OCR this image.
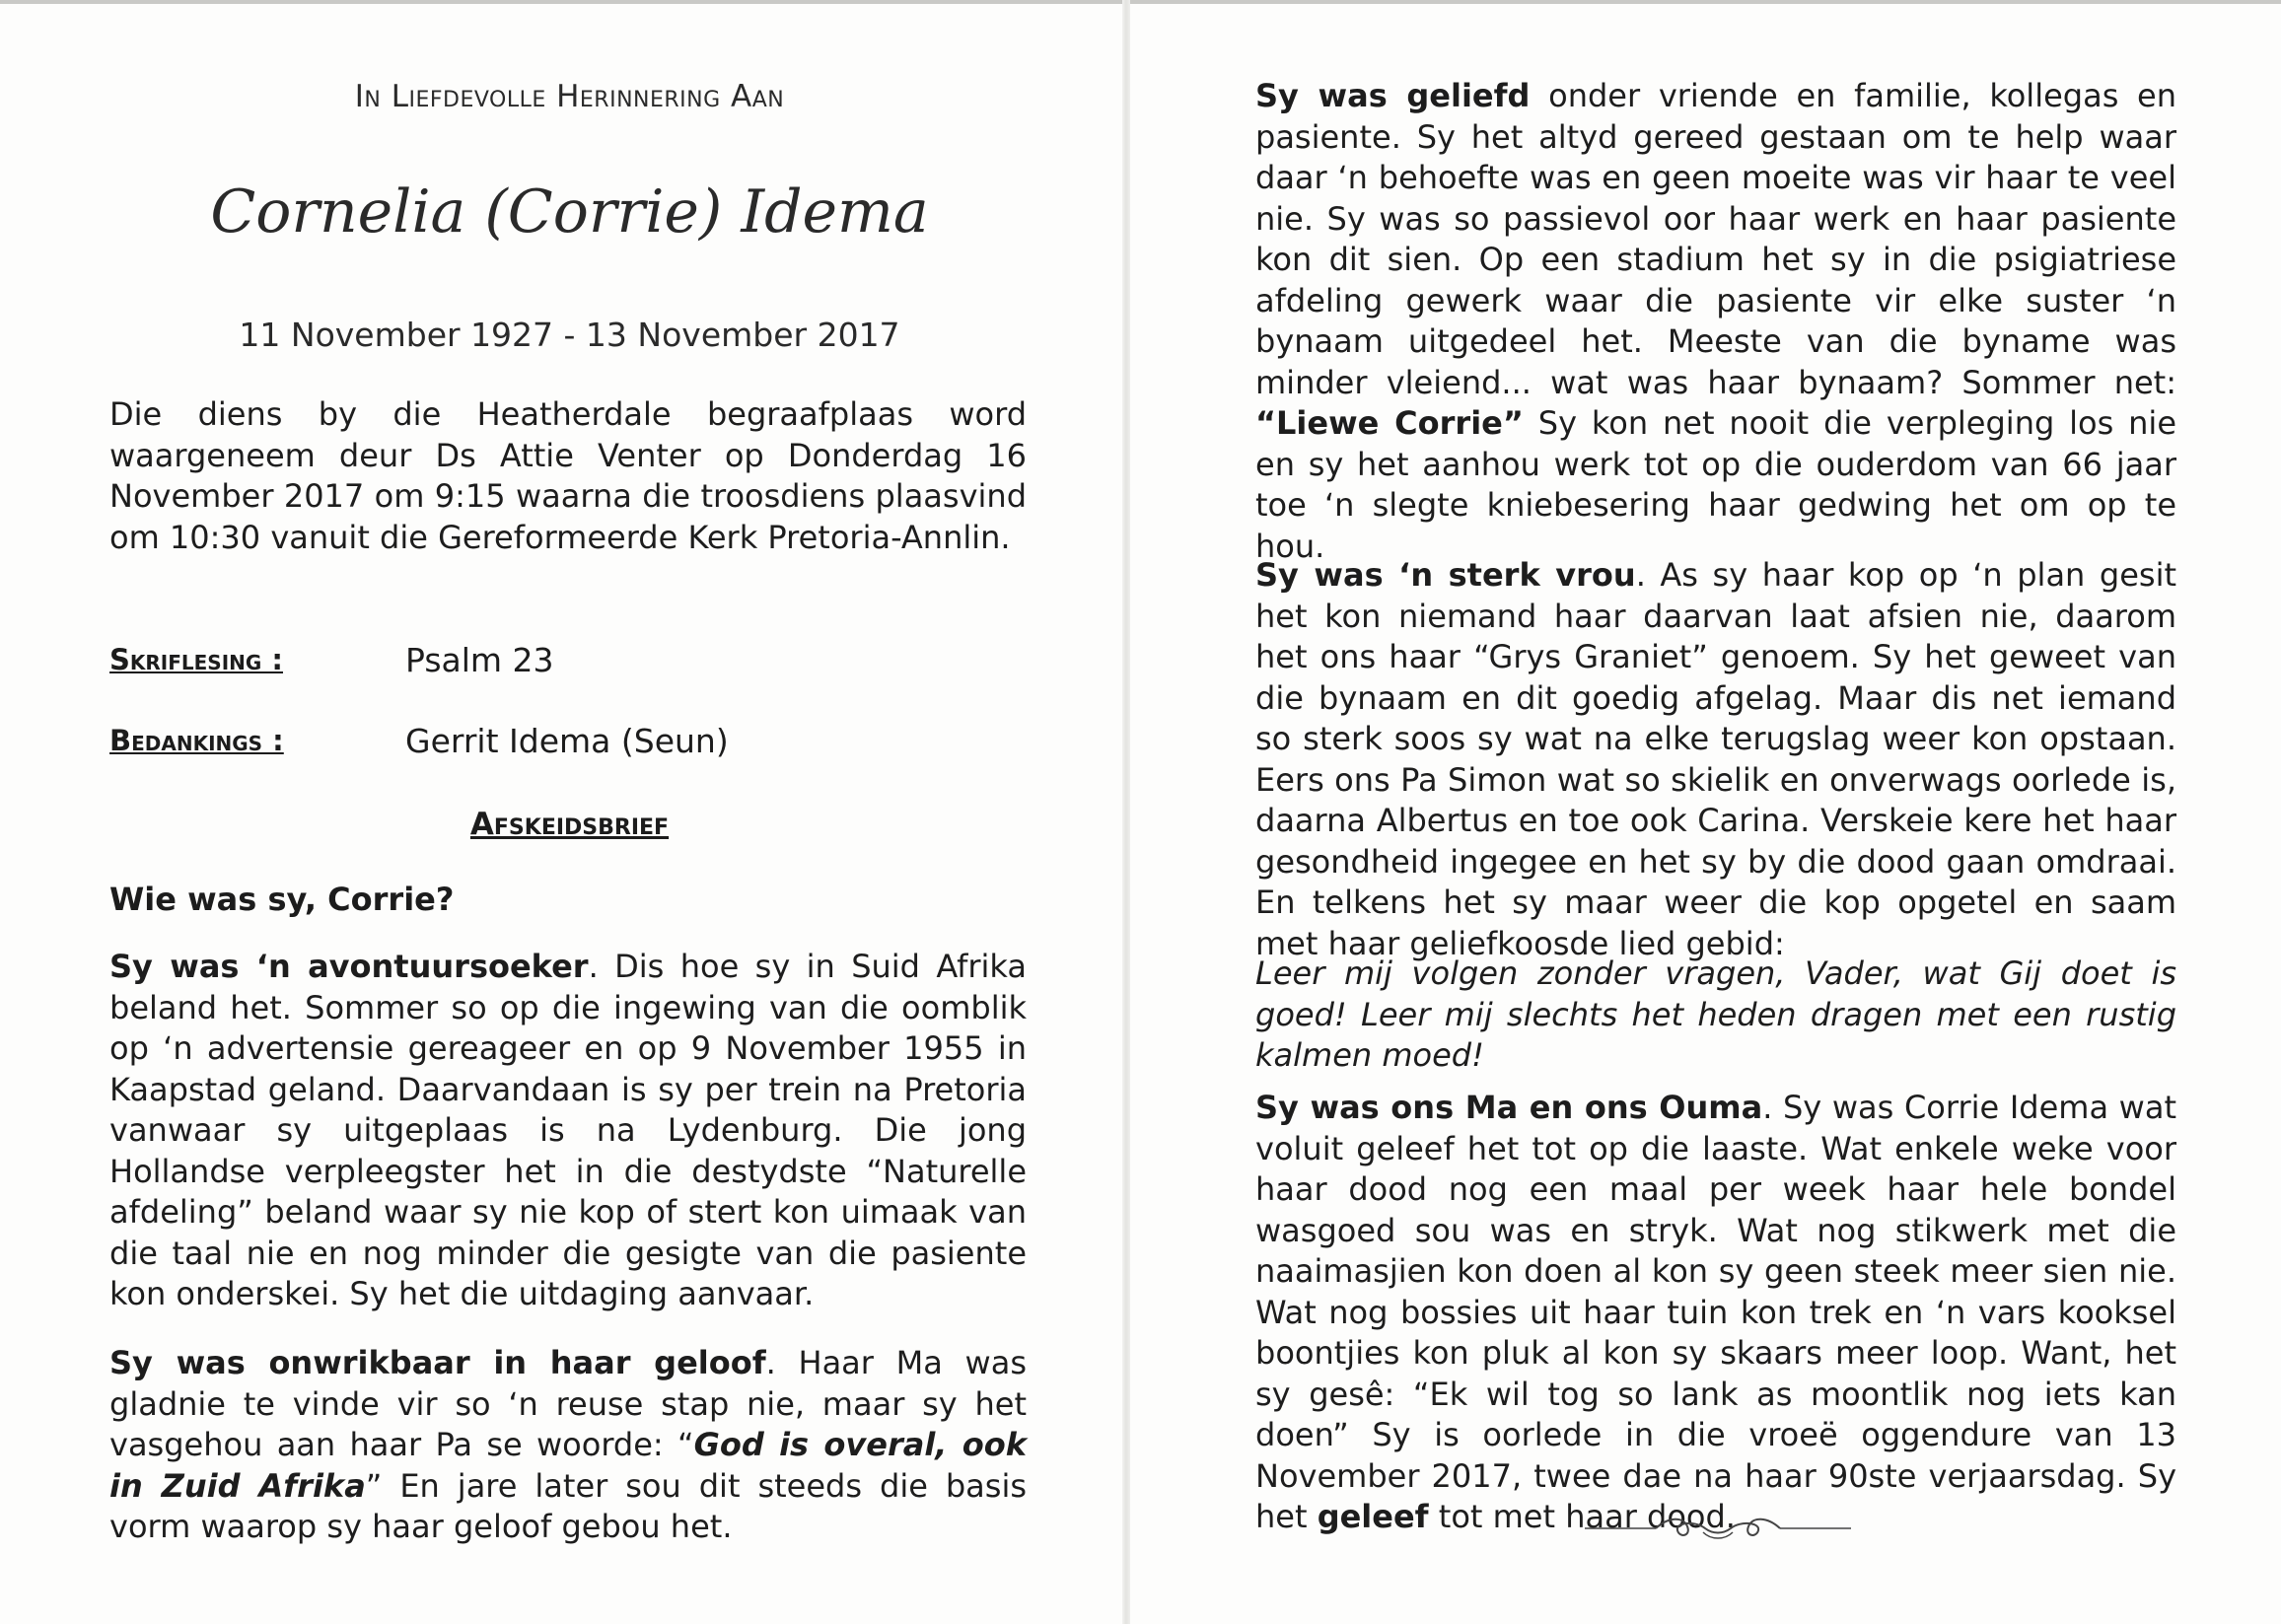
In Liefdevolle Herinnering Aan
Cornelia (Corrie) Idema
11 November 1927 - 13 November 2017
Die diens by die Heatherdale begraafplaas word waargeneem deur Ds Attie Venter op Donderdag 16 November 2017 om 9:15 waarna die troosdiens plaasvind om 10:30 vanuit die Gereformeerde Kerk Pretoria-Annlin.
Skriflesing :	Psalm 23
Bedankings :	Gerrit Idema (Seun)
Afskeidsbrief
Wie was sy, Corrie?
Sy was ‘n avontuursoeker. Dis hoe sy in Suid Afrika beland het. Sommer so op die ingewing van die oomblik op ‘n advertensie gereageer en op 9 November 1955 in Kaapstad geland. Daarvandaan is sy per trein na Pretoria vanwaar sy uitgeplaas is na Lydenburg. Die jong Hollandse verpleegster het in die destydste “Naturelle afdeling” beland waar sy nie kop of stert kon uimaak van die taal nie en nog minder die gesigte van die pasiente kon onderskei. Sy het die uitdaging aanvaar.
Sy was onwrikbaar in haar geloof. Haar Ma was gladnie te vinde vir so ‘n reuse stap nie, maar sy het vasgehou aan haar Pa se woorde: “God is overal, ook in Zuid Afrika” En jare later sou dit steeds die basis vorm waarop sy haar geloof gebou het.
Sy was geliefd onder vriende en familie, kollegas en pasiente. Sy het altyd gereed gestaan om te help waar daar ‘n behoefte was en geen moeite was vir haar te veel nie. Sy was so passievol oor haar werk en haar pasiente kon dit sien. Op een stadium het sy in die psigiatriese afdeling gewerk waar die pasiente vir elke suster ‘n bynaam uitgedeel het. Meeste van die byname was minder vleiend... wat was haar bynaam? Sommer net: “Liewe Corrie” Sy kon net nooit die verpleging los nie en sy het aanhou werk tot op die ouderdom van 66 jaar toe ‘n slegte kniebesering haar gedwing het om op te hou.
Sy was ‘n sterk vrou. As sy haar kop op ‘n plan gesit het kon niemand haar daarvan laat afsien nie, daarom het ons haar “Grys Graniet” genoem. Sy het geweet van die bynaam en dit goedig afgelag. Maar dis net iemand so sterk soos sy wat na elke terugslag weer kon opstaan. Eers ons Pa Simon wat so skielik en onverwags oorlede is, daarna Albertus en toe ook Carina. Verskeie kere het haar gesondheid ingegee en het sy by die dood gaan omdraai. En telkens het sy maar weer die kop opgetel en saam met haar geliefkoosde lied gebid:
Leer mij volgen zonder vragen, Vader, wat Gij doet is goed! Leer mij slechts het heden dragen met een rustig kalmen moed!
Sy was ons Ma en ons Ouma. Sy was Corrie Idema wat voluit geleef het tot op die laaste. Wat enkele weke voor haar dood nog een maal per week haar hele bondel wasgoed sou was en stryk. Wat nog stikwerk met die naaimasjien kon doen al kon sy geen steek meer sien nie. Wat nog bossies uit haar tuin kon trek en ‘n vars kooksel boontjies kon pluk al kon sy skaars meer loop. Want, het sy gesê: “Ek wil tog so lank as moontlik nog iets kan doen” Sy is oorlede in die vroeë oggendure van 13 November 2017, twee dae na haar 90ste verjaarsdag. Sy het geleef tot met haar dood.
